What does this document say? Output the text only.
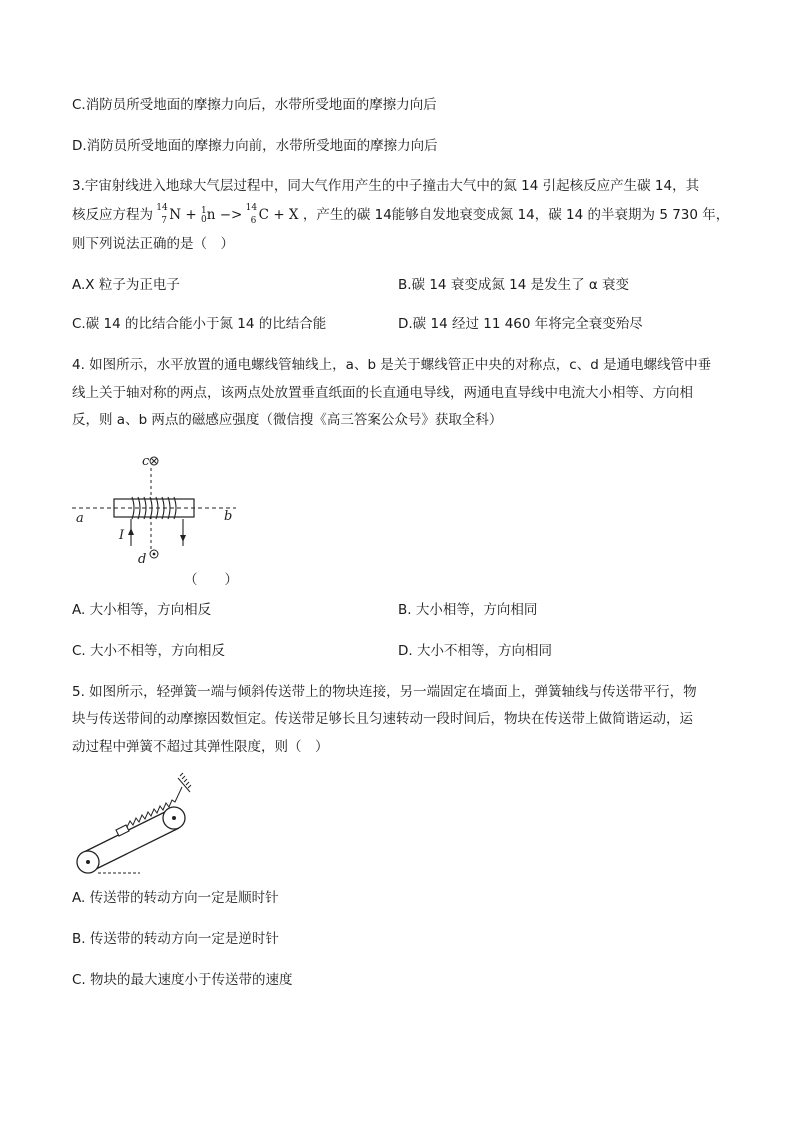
C.消防员所受地面的摩擦力向后，水带所受地面的摩擦力向后
D.消防员所受地面的摩擦力向前，水带所受地面的摩擦力向后
3.宇宙射线进入地球大气层过程中，同大气作用产生的中子撞击大气中的氮 14 引起核反应产生碳 14，其
核反应方程为 14
7 N + 1
0 n −> 14
6 C + X ，产生的碳 14能够自发地衰变成氮 14，碳 14 的半衰期为 5 730 年，
则下列说法正确的是（　）
A.X 粒子为正电子	B.碳 14 衰变成氮 14 是发生了 α 衰变
C.碳 14 的比结合能小于氮 14 的比结合能	D.碳 14 经过 11 460 年将完全衰变殆尽
4. 如图所示，水平放置的通电螺线管轴线上，a、b 是关于螺线管正中央的对称点，c、d 是通电螺线管中垂
线上关于轴对称的两点，该两点处放置垂直纸面的长直通电导线，两通电直导线中电流大小相等、方向相
反，则 a、b 两点的磁感应强度（微信搜《高三答案公众号》获取全科）
c
d
a	b
I
（　　）
A. 大小相等，方向相反	B. 大小相等，方向相同
C. 大小不相等，方向相反	D. 大小不相等，方向相同
5. 如图所示，轻弹簧一端与倾斜传送带上的物块连接，另一端固定在墙面上，弹簧轴线与传送带平行，物
块与传送带间的动摩擦因数恒定。传送带足够长且匀速转动一段时间后，物块在传送带上做简谐运动，运
动过程中弹簧不超过其弹性限度，则（　）
A. 传送带的转动方向一定是顺时针
B. 传送带的转动方向一定是逆时针
C. 物块的最大速度小于传送带的速度
